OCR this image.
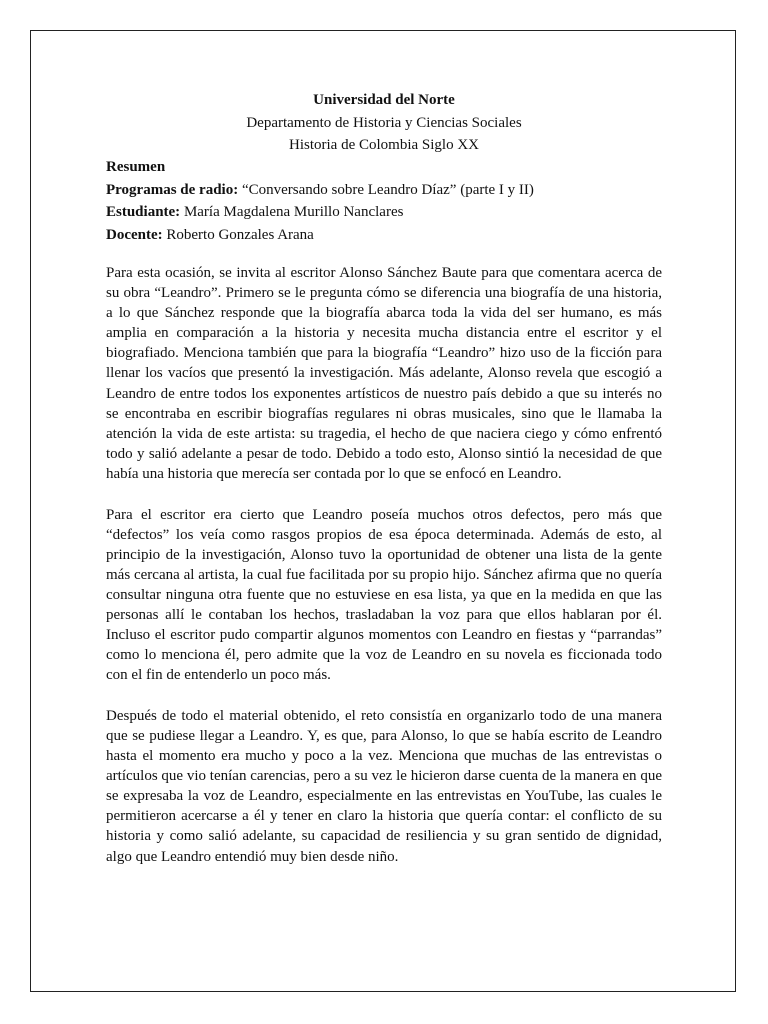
Universidad del Norte
Departamento de Historia y Ciencias Sociales
Historia de Colombia Siglo XX
Resumen
Programas de radio: “Conversando sobre Leandro Díaz” (parte I y II)
Estudiante: María Magdalena Murillo Nanclares
Docente: Roberto Gonzales Arana

Para esta ocasión, se invita al escritor Alonso Sánchez Baute para que comentara acerca de su obra “Leandro”. Primero se le pregunta cómo se diferencia una biografía de una historia, a lo que Sánchez responde que la biografía abarca toda la vida del ser humano, es más amplia en comparación a la historia y necesita mucha distancia entre el escritor y el biografiado. Menciona también que para la biografía “Leandro” hizo uso de la ficción para llenar los vacíos que presentó la investigación. Más adelante, Alonso revela que escogió a Leandro de entre todos los exponentes artísticos de nuestro país debido a que su interés no se encontraba en escribir biografías regulares ni obras musicales, sino que le llamaba la atención la vida de este artista: su tragedia, el hecho de que naciera ciego y cómo enfrentó todo y salió adelante a pesar de todo. Debido a todo esto, Alonso sintió la necesidad de que había una historia que merecía ser contada por lo que se enfocó en Leandro.

Para el escritor era cierto que Leandro poseía muchos otros defectos, pero más que “defectos” los veía como rasgos propios de esa época determinada. Además de esto, al principio de la investigación, Alonso tuvo la oportunidad de obtener una lista de la gente más cercana al artista, la cual fue facilitada por su propio hijo. Sánchez afirma que no quería consultar ninguna otra fuente que no estuviese en esa lista, ya que en la medida en que las personas allí le contaban los hechos, trasladaban la voz para que ellos hablaran por él. Incluso el escritor pudo compartir algunos momentos con Leandro en fiestas y “parrandas” como lo menciona él, pero admite que la voz de Leandro en su novela es ficcionada todo con el fin de entenderlo un poco más.

Después de todo el material obtenido, el reto consistía en organizarlo todo de una manera que se pudiese llegar a Leandro. Y, es que, para Alonso, lo que se había escrito de Leandro hasta el momento era mucho y poco a la vez. Menciona que muchas de las entrevistas o artículos que vio tenían carencias, pero a su vez le hicieron darse cuenta de la manera en que se expresaba la voz de Leandro, especialmente en las entrevistas en YouTube, las cuales le permitieron acercarse a él y tener en claro la historia que quería contar: el conflicto de su historia y como salió adelante, su capacidad de resiliencia y su gran sentido de dignidad, algo que Leandro entendió muy bien desde niño.
